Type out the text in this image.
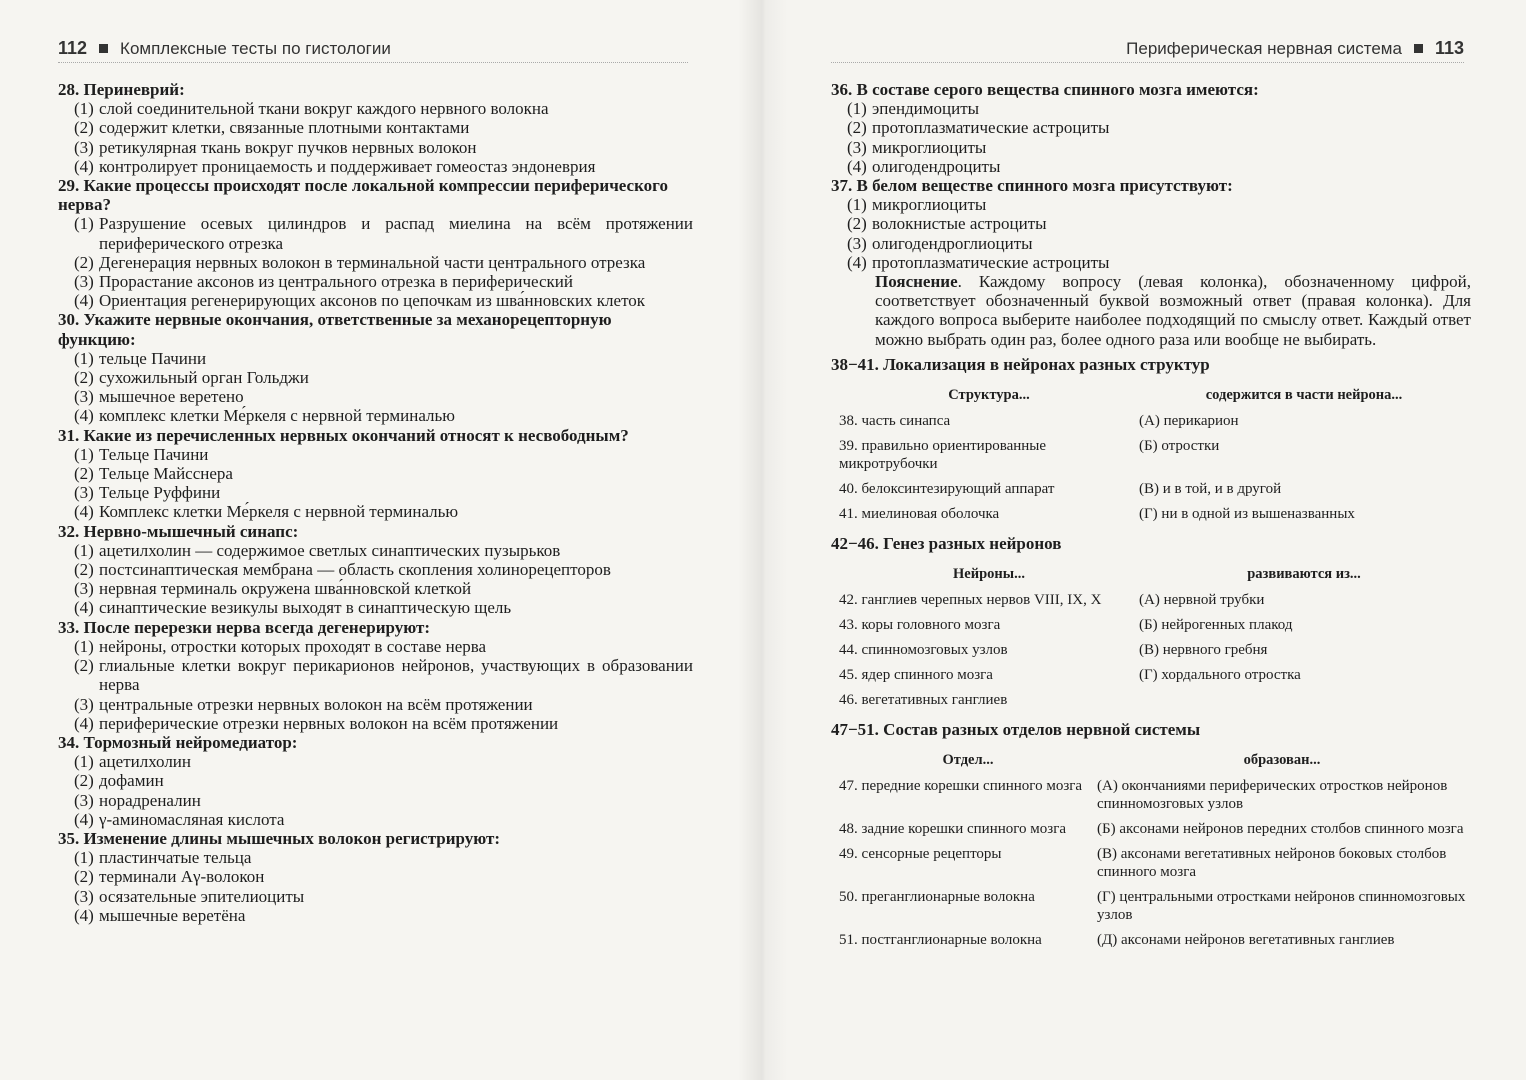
112 Комплексные тесты по гистологии
28. Периневрий:
(1) слой соединительной ткани вокруг каждого нервного волокна
(2) содержит клетки, связанные плотными контактами
(3) ретикулярная ткань вокруг пучков нервных волокон
(4) контролирует проницаемость и поддерживает гомеостаз эндоневрия
29. Какие процессы происходят после локальной компрессии периферического нерва?
(1) Разрушение осевых цилиндров и распад миелина на всём протяжении периферического отрезка
(2) Дегенерация нервных волокон в терминальной части центрального отрезка
(3) Прорастание аксонов из центрального отрезка в периферический
(4) Ориентация регенерирующих аксонов по цепочкам из шва́нновских клеток
30. Укажите нервные окончания, ответственные за механорецепторную функцию:
(1) тельце Пачини
(2) сухожильный орган Гольджи
(3) мышечное веретено
(4) комплекс клетки Ме́ркеля с нервной терминалью
31. Какие из перечисленных нервных окончаний относят к несвободным?
(1) Тельце Пачини
(2) Тельце Майсснера
(3) Тельце Руффини
(4) Комплекс клетки Ме́ркеля с нервной терминалью
32. Нервно-мышечный синапс:
(1) ацетилхолин — содержимое светлых синаптических пузырьков
(2) постсинаптическая мембрана — область скопления холинорецепторов
(3) нервная терминаль окружена шва́нновской клеткой
(4) синаптические везикулы выходят в синаптическую щель
33. После перерезки нерва всегда дегенерируют:
(1) нейроны, отростки которых проходят в составе нерва
(2) глиальные клетки вокруг перикарионов нейронов, участвующих в образовании нерва
(3) центральные отрезки нервных волокон на всём протяжении
(4) периферические отрезки нервных волокон на всём протяжении
34. Тормозный нейромедиатор:
(1) ацетилхолин
(2) дофамин
(3) норадреналин
(4) γ-аминомасляная кислота
35. Изменение длины мышечных волокон регистрируют:
(1) пластинчатые тельца
(2) терминали Аγ-волокон
(3) осязательные эпителиоциты
(4) мышечные веретёна
Периферическая нервная система 113
36. В составе серого вещества спинного мозга имеются:
(1) эпендимоциты
(2) протоплазматические астроциты
(3) микроглиоциты
(4) олигодендроциты
37. В белом веществе спинного мозга присутствуют:
(1) микроглиоциты
(2) волокнистые астроциты
(3) олигодендроглиоциты
(4) протоплазматические астроциты
Пояснение. Каждому вопросу (левая колонка), обозначенному цифрой, соответствует обозначенный буквой возможный ответ (правая колонка). Для каждого вопроса выберите наиболее подходящий по смыслу ответ. Каждый ответ можно выбрать один раз, более одного раза или вообще не выбирать.
38−41. Локализация в нейронах разных структур
Структура...	содержится в части нейрона...
38. часть синапса	(А) перикарион
39. правильно ориентированные микротрубочки	(Б) отростки
40. белоксинтезирующий аппарат	(В) и в той, и в другой
41. миелиновая оболочка	(Г) ни в одной из вышеназванных
42−46. Генез разных нейронов
Нейроны...	развиваются из...
42. ганглиев черепных нервов VIII, IX, X	(А) нервной трубки
43. коры головного мозга	(Б) нейрогенных плакод
44. спинномозговых узлов	(В) нервного гребня
45. ядер спинного мозга	(Г) хордального отростка
46. вегетативных ганглиев	
47−51. Состав разных отделов нервной системы
Отдел...	образован...
47. передние корешки спинного мозга	(А) окончаниями периферических отростков нейронов спинномозговых узлов
48. задние корешки спинного мозга	(Б) аксонами нейронов передних столбов спинного мозга
49. сенсорные рецепторы	(В) аксонами вегетативных нейронов боковых столбов спинного мозга
50. преганглионарные волокна	(Г) центральными отростками нейронов спинномозговых узлов
51. постганглионарные волокна	(Д) аксонами нейронов вегетативных ганглиев
